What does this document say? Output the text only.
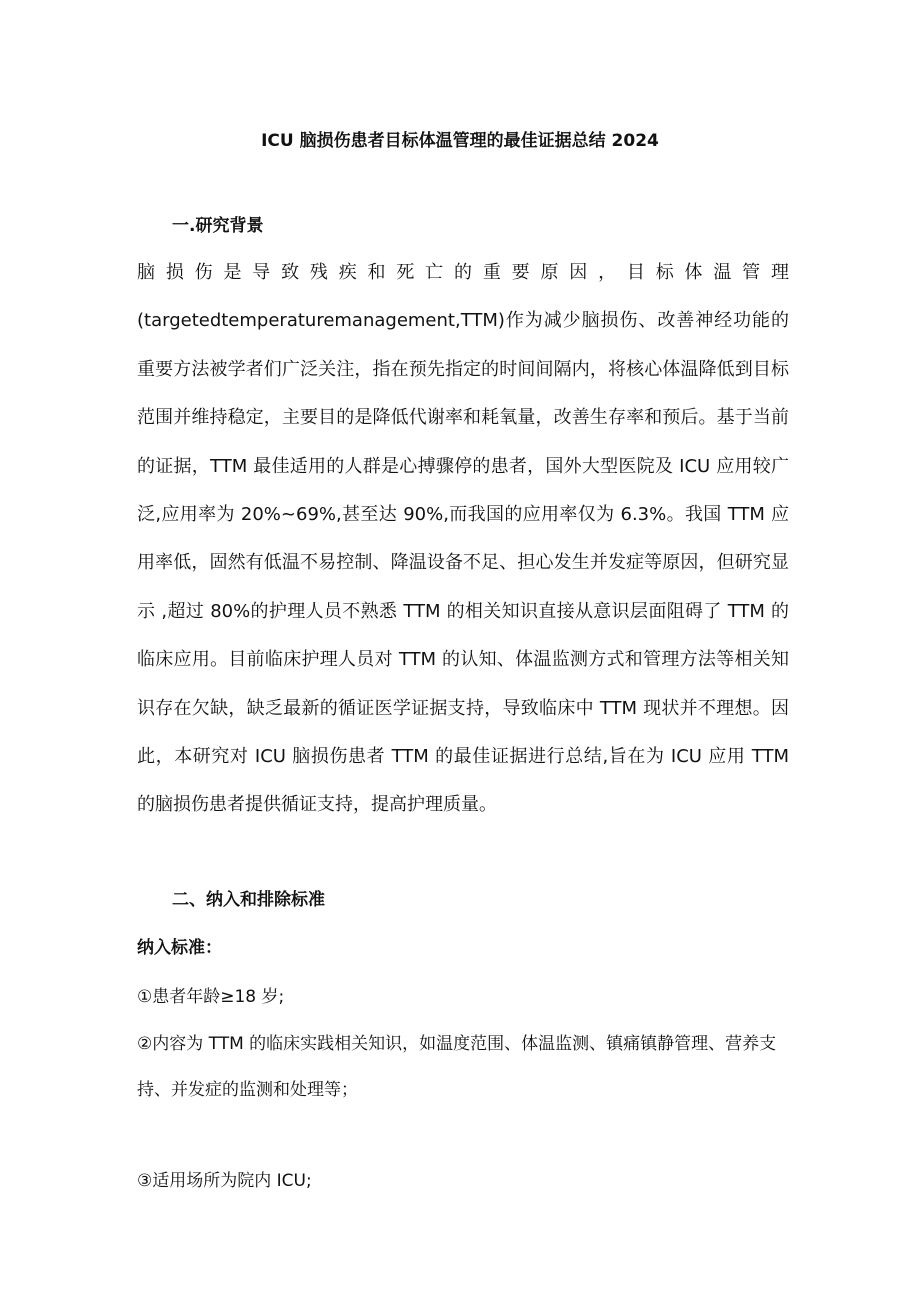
ICU 脑损伤患者目标体温管理的最佳证据总结 2024
一.研究背景

脑损伤是导致残疾和死亡的重要原因，目标体温管理(targetedtemperaturemanagement,TTM)作为减少脑损伤、改善神经功能的重要方法被学者们广泛关注，指在预先指定的时间间隔内，将核心体温降低到目标范围并维持稳定，主要目的是降低代谢率和耗氧量，改善生存率和预后。基于当前的证据，TTM 最佳适用的人群是心搏骤停的患者，国外大型医院及 ICU 应用较广泛,应用率为 20%~69%,甚至达 90%,而我国的应用率仅为 6.3%。我国 TTM 应用率低，固然有低温不易控制、降温设备不足、担心发生并发症等原因，但研究显示 ,超过 80%的护理人员不熟悉 TTM 的相关知识直接从意识层面阻碍了 TTM 的临床应用。目前临床护理人员对 TTM 的认知、体温监测方式和管理方法等相关知识存在欠缺，缺乏最新的循证医学证据支持，导致临床中 TTM 现状并不理想。因此，本研究对 ICU 脑损伤患者 TTM 的最佳证据进行总结,旨在为 ICU 应用 TTM 的脑损伤患者提供循证支持，提高护理质量。

二、纳入和排除标准

纳入标准：

①患者年龄≥18 岁;

②内容为 TTM 的临床实践相关知识，如温度范围、体温监测、镇痛镇静管理、营养支持、并发症的监测和处理等；

③适用场所为院内 ICU;
